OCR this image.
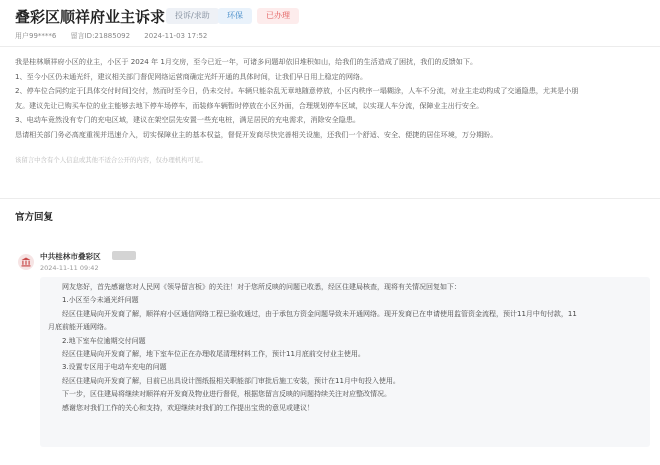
叠彩区顺祥府业主诉求	投诉/求助	环保	已办理
用户99****6 留言ID:21885092 2024-11-03 17:52

我是桂林顺祥府小区的业主，小区于 2024 年 1月交房，至今已近一年，可诸多问题却依旧堆积如山，给我们的生活造成了困扰，我们的反馈如下。

1、至今小区仍未通光纤，建议相关部门督促网络运营商确定光纤开通的具体时间，让我们早日用上稳定的网络。

2、停车位合同约定于[具体交付时间]交付，然而时至今日，仍未交付。车辆只能杂乱无章地随意停放，小区内秩序一塌糊涂，人车不分流，对业主走动构成了交通隐患，尤其是小朋

友。建议先让已购买车位的业主能够去地下停车场停车，而装修车辆暂时停放在小区外面，合理规划停车区域，以实现人车分流，保障业主出行安全。

3、电动车竟然没有专门的充电区域，建议在架空层先安置一些充电桩，满足居民的充电需求，消除安全隐患。

恳请相关部门务必高度重视并迅速介入，切实保障业主的基本权益，督促开发商尽快完善相关设施，还我们一个舒适、安全、便捷的居住环境，万分期盼。

该留言中含有个人信息或其他不适合公开的内容，仅办理机构可见。
官方回复
中共桂林市叠彩区
2024-11-11 09:42

网友您好，首先感谢您对人民网《领导留言板》的关注！对于您所反映的问题已收悉，经区住建局核查，现将有关情况回复如下：

1.小区至今未通光纤问题

经区住建局向开发商了解，顺祥府小区通信网络工程已验收通过，由于承包方资金问题导致未开通网络。现开发商已在申请使用监管资金流程，预计11月中旬付款，11

月底前能开通网络。

2.地下室车位逾期交付问题

经区住建局向开发商了解，地下室车位正在办理收尾清理材料工作，预计11月底前交付业主使用。

3.设置专区用于电动车充电的问题

经区住建局向开发商了解，目前已出具设计图纸报相关职能部门审批后施工安装，预计在11月中旬投入使用。

下一步，区住建局将继续对顺祥府开发商及物业进行督促，根据您留言反映的问题持续关注对应整改情况。

感谢您对我们工作的关心和支持，欢迎继续对我们的工作提出宝贵的意见或建议！
